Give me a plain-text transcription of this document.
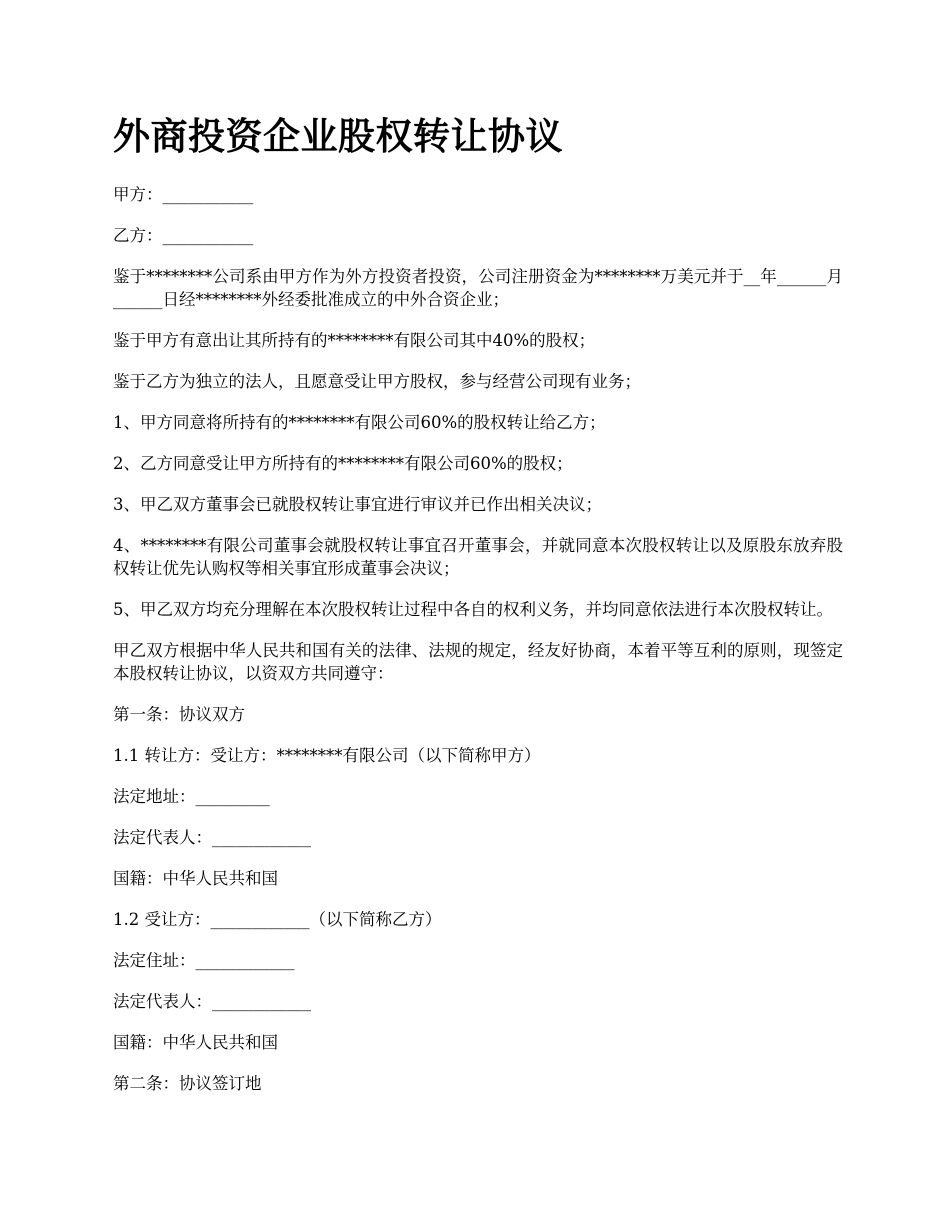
外商投资企业股权转让协议

甲方：___________

乙方：___________

鉴于********公司系由甲方作为外方投资者投资，公司注册资金为********万美元并于__年______月______日经********外经委批准成立的中外合资企业；

鉴于甲方有意出让其所持有的********有限公司其中40%的股权；

鉴于乙方为独立的法人，且愿意受让甲方股权，参与经营公司现有业务；

1、甲方同意将所持有的********有限公司60%的股权转让给乙方；

2、乙方同意受让甲方所持有的********有限公司60%的股权；

3、甲乙双方董事会已就股权转让事宜进行审议并已作出相关决议；

4、********有限公司董事会就股权转让事宜召开董事会，并就同意本次股权转让以及原股东放弃股权转让优先认购权等相关事宜形成董事会决议；

5、甲乙双方均充分理解在本次股权转让过程中各自的权利义务，并均同意依法进行本次股权转让。

甲乙双方根据中华人民共和国有关的法律、法规的规定，经友好协商，本着平等互利的原则，现签定本股权转让协议，以资双方共同遵守：

第一条：协议双方

1.1 转让方：受让方：********有限公司（以下简称甲方）

法定地址：_________

法定代表人：____________

国籍：中华人民共和国

1.2 受让方：____________（以下简称乙方）

法定住址：____________

法定代表人：____________

国籍：中华人民共和国

第二条：协议签订地
